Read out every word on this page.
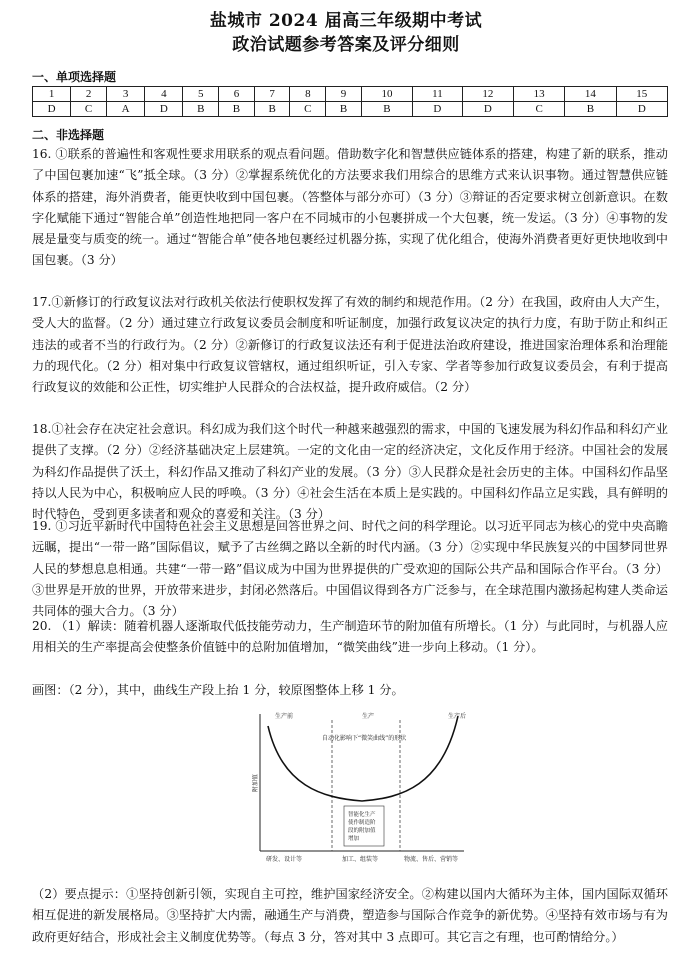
盐城市 2024 届高三年级期中考试
政治试题参考答案及评分细则
一、单项选择题
1	2	3	4	5	6	7	8	9	10	11	12	13	14	15
D	C	A	D	B	B	B	C	B	B	D	D	C	B	D
二、非选择题
16. ①联系的普遍性和客观性要求用联系的观点看问题。借助数字化和智慧供应链体系的搭建，构建了新的联系，推动了中国包裹加速“飞”抵全球。（3 分）②掌握系统优化的方法要求我们用综合的思维方式来认识事物。通过智慧供应链体系的搭建，海外消费者，能更快收到中国包裹。（答整体与部分亦可）（3 分）③辩证的否定要求树立创新意识。在数字化赋能下通过“智能合单”创造性地把同一客户在不同城市的小包裹拼成一个大包裹，统一发运。（3 分）④事物的发展是量变与质变的统一。通过“智能合单”使各地包裹经过机器分拣，实现了优化组合，使海外消费者更好更快地收到中国包裹。（3 分）
17.①新修订的行政复议法对行政机关依法行使职权发挥了有效的制约和规范作用。（2 分）在我国，政府由人大产生，受人大的监督。（2 分）通过建立行政复议委员会制度和听证制度，加强行政复议决定的执行力度，有助于防止和纠正违法的或者不当的行政行为。（2 分）②新修订的行政复议法还有利于促进法治政府建设，推进国家治理体系和治理能力的现代化。（2 分）相对集中行政复议管辖权，通过组织听证，引入专家、学者等参加行政复议委员会，有利于提高行政复议的效能和公正性，切实维护人民群众的合法权益，提升政府威信。（2 分）
18.①社会存在决定社会意识。科幻成为我们这个时代一种越来越强烈的需求，中国的飞速发展为科幻作品和科幻产业提供了支撑。（2 分）②经济基础决定上层建筑。一定的文化由一定的经济决定，文化反作用于经济。中国社会的发展为科幻作品提供了沃土，科幻作品又推动了科幻产业的发展。（3 分）③人民群众是社会历史的主体。中国科幻作品坚持以人民为中心，积极响应人民的呼唤。（3 分）④社会生活在本质上是实践的。中国科幻作品立足实践，具有鲜明的时代特色，受到更多读者和观众的喜爱和关注。（3 分）
19. ①习近平新时代中国特色社会主义思想是回答世界之问、时代之问的科学理论。以习近平同志为核心的党中央高瞻远瞩，提出“一带一路”国际倡议，赋予了古丝绸之路以全新的时代内涵。（3 分）②实现中华民族复兴的中国梦同世界人民的梦想息息相通。共建“一带一路”倡议成为中国为世界提供的广受欢迎的国际公共产品和国际合作平台。（3 分）③世界是开放的世界，开放带来进步，封闭必然落后。中国倡议得到各方广泛参与，在全球范围内激扬起构建人类命运共同体的强大合力。（3 分）
20. （1）解读：随着机器人逐渐取代低技能劳动力，生产制造环节的附加值有所增长。（1 分）与此同时，与机器人应用相关的生产率提高会使整条价值链中的总附加值增加，“微笑曲线”进一步向上移动。（1 分）。
画图：（2 分），其中，曲线生产段上抬 1 分，较原图整体上移 1 分。
生产前	生产	生产后
自动化影响下“微笑曲线”的形状
附加值
智能化生产
使作制造阶
段的附加值
增加
研发、设计等	加工、组装等	物流、售后、营销等
（2）要点提示：①坚持创新引领，实现自主可控，维护国家经济安全。②构建以国内大循环为主体，国内国际双循环相互促进的新发展格局。③坚持扩大内需，融通生产与消费，塑造参与国际合作竞争的新优势。④坚持有效市场与有为政府更好结合，形成社会主义制度优势等。（每点 3 分，答对其中 3 点即可。其它言之有理，也可酌情给分。）
